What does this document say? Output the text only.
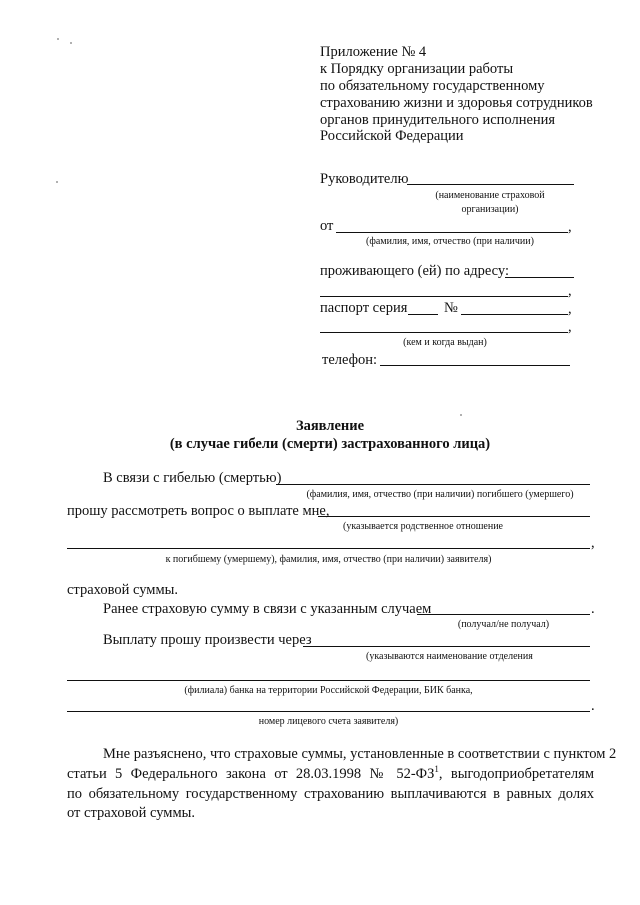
Приложение № 4
к Порядку организации работы
по обязательному государственному
страхованию жизни и здоровья сотрудников
органов принудительного исполнения
Российской Федерации
Руководителю
(наименование страховой
организации)
от	,
(фамилия, имя, отчество (при наличии)
проживающего (ей) по адресу:
,
паспорт серия	№	,
,
(кем и когда выдан)
телефон:
Заявление
(в случае гибели (смерти) застрахованного лица)
В связи с гибелью (смертью)
(фамилия, имя, отчество (при наличии) погибшего (умершего)
прошу рассмотреть вопрос о выплате мне,
(указывается родственное отношение
,
к погибшему (умершему), фамилия, имя, отчество (при наличии) заявителя)
страховой суммы.
Ранее страховую сумму в связи с указанным случаем	.
(получал/не получал)
Выплату прошу произвести через
(указываются наименование отделения
(филиала) банка на территории Российской Федерации, БИК банка,
.
номер лицевого счета заявителя)
Мне разъяснено, что страховые суммы, установленные в соответствии с пунктом 2
статьи 5 Федерального закона от 28.03.1998 № $52-ФЗ^1$, выгодоприобретателям
по обязательному государственному страхованию выплачиваются в равных долях
от страховой суммы.
